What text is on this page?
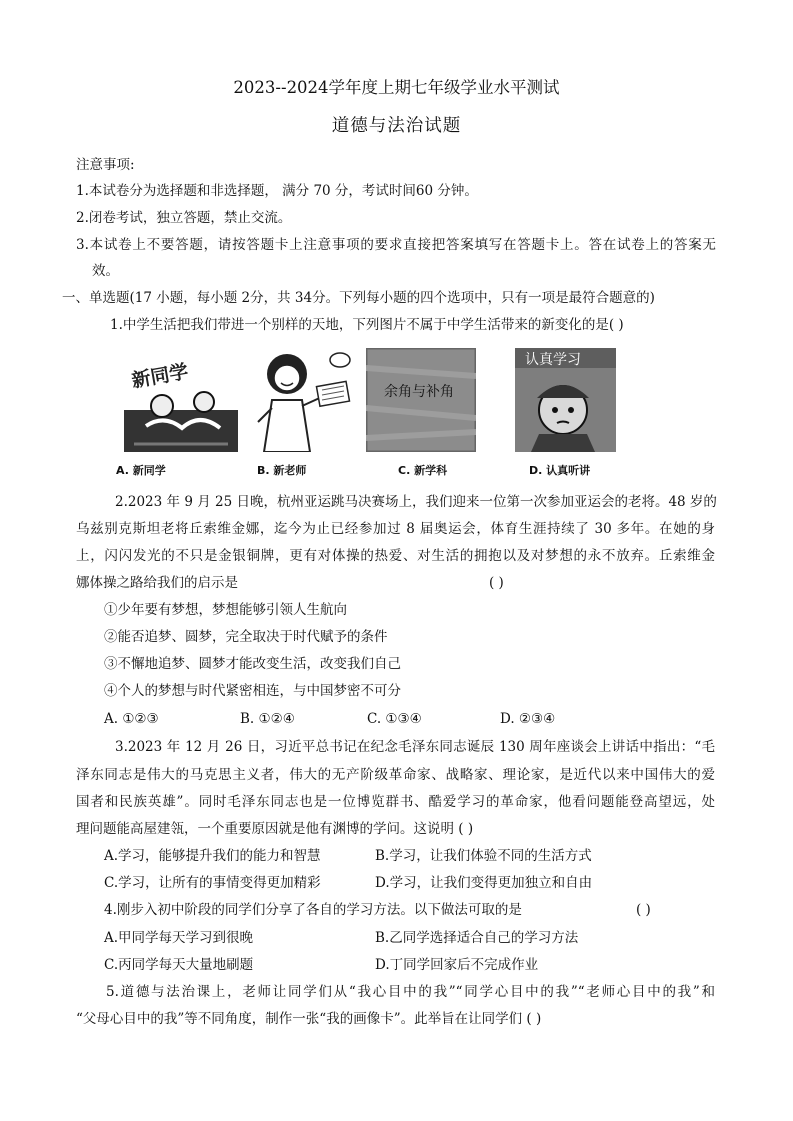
2023--2024学年度上期七年级学业水平测试
道德与法治试题
注意事项:
1.本试卷分为选择题和非选择题， 满分 70 分，考试时间60 分钟。
2.闭卷考试，独立答题，禁止交流。
3.本试卷上不要答题，请按答题卡上注意事项的要求直接把答案填写在答题卡上。答在试卷上的答案无
效。
一、单选题(17 小题，每小题 2分，共 34分。下列每小题的四个选项中，只有一项是最符合题意的)
1.中学生活把我们带进一个别样的天地，下列图片不属于中学生活带来的新变化的是( )
新同学	余角与补角
认真学习
A. 新同学	B. 新老师	C. 新学科	D. 认真听讲
2.2023 年 9 月 25 日晚，杭州亚运跳马决赛场上，我们迎来一位第一次参加亚运会的老将。48 岁的
乌兹别克斯坦老将丘索维金娜，迄今为止已经参加过 8 届奥运会，体育生涯持续了 30 多年。在她的身
上，闪闪发光的不只是金银铜牌，更有对体操的热爱、对生活的拥抱以及对梦想的永不放弃。丘索维金
娜体操之路给我们的启示是	( )
①少年要有梦想，梦想能够引领人生航向
②能否追梦、圆梦，完全取决于时代赋予的条件
③不懈地追梦、圆梦才能改变生活，改变我们自己
④个人的梦想与时代紧密相连，与中国梦密不可分
A. ①②③	B. ①②④	C. ①③④	D. ②③④
3.2023 年 12 月 26 日，习近平总书记在纪念毛泽东同志诞辰 130 周年座谈会上讲话中指出：“毛
泽东同志是伟大的马克思主义者，伟大的无产阶级革命家、战略家、理论家，是近代以来中国伟大的爱
国者和民族英雄”。同时毛泽东同志也是一位博览群书、酷爱学习的革命家，他看问题能登高望远，处
理问题能高屋建瓴，一个重要原因就是他有渊博的学问。这说明 ( )
A.学习，能够提升我们的能力和智慧	B.学习，让我们体验不同的生活方式
C.学习，让所有的事情变得更加精彩	D.学习，让我们变得更加独立和自由
4.刚步入初中阶段的同学们分享了各自的学习方法。以下做法可取的是	( )
A.甲同学每天学习到很晚	B.乙同学选择适合自己的学习方法
C.丙同学每天大量地刷题	D.丁同学回家后不完成作业
5.道德与法治课上，老师让同学们从“我心目中的我”“同学心目中的我”“老师心目中的我”和
“父母心目中的我”等不同角度，制作一张“我的画像卡”。此举旨在让同学们 ( )
